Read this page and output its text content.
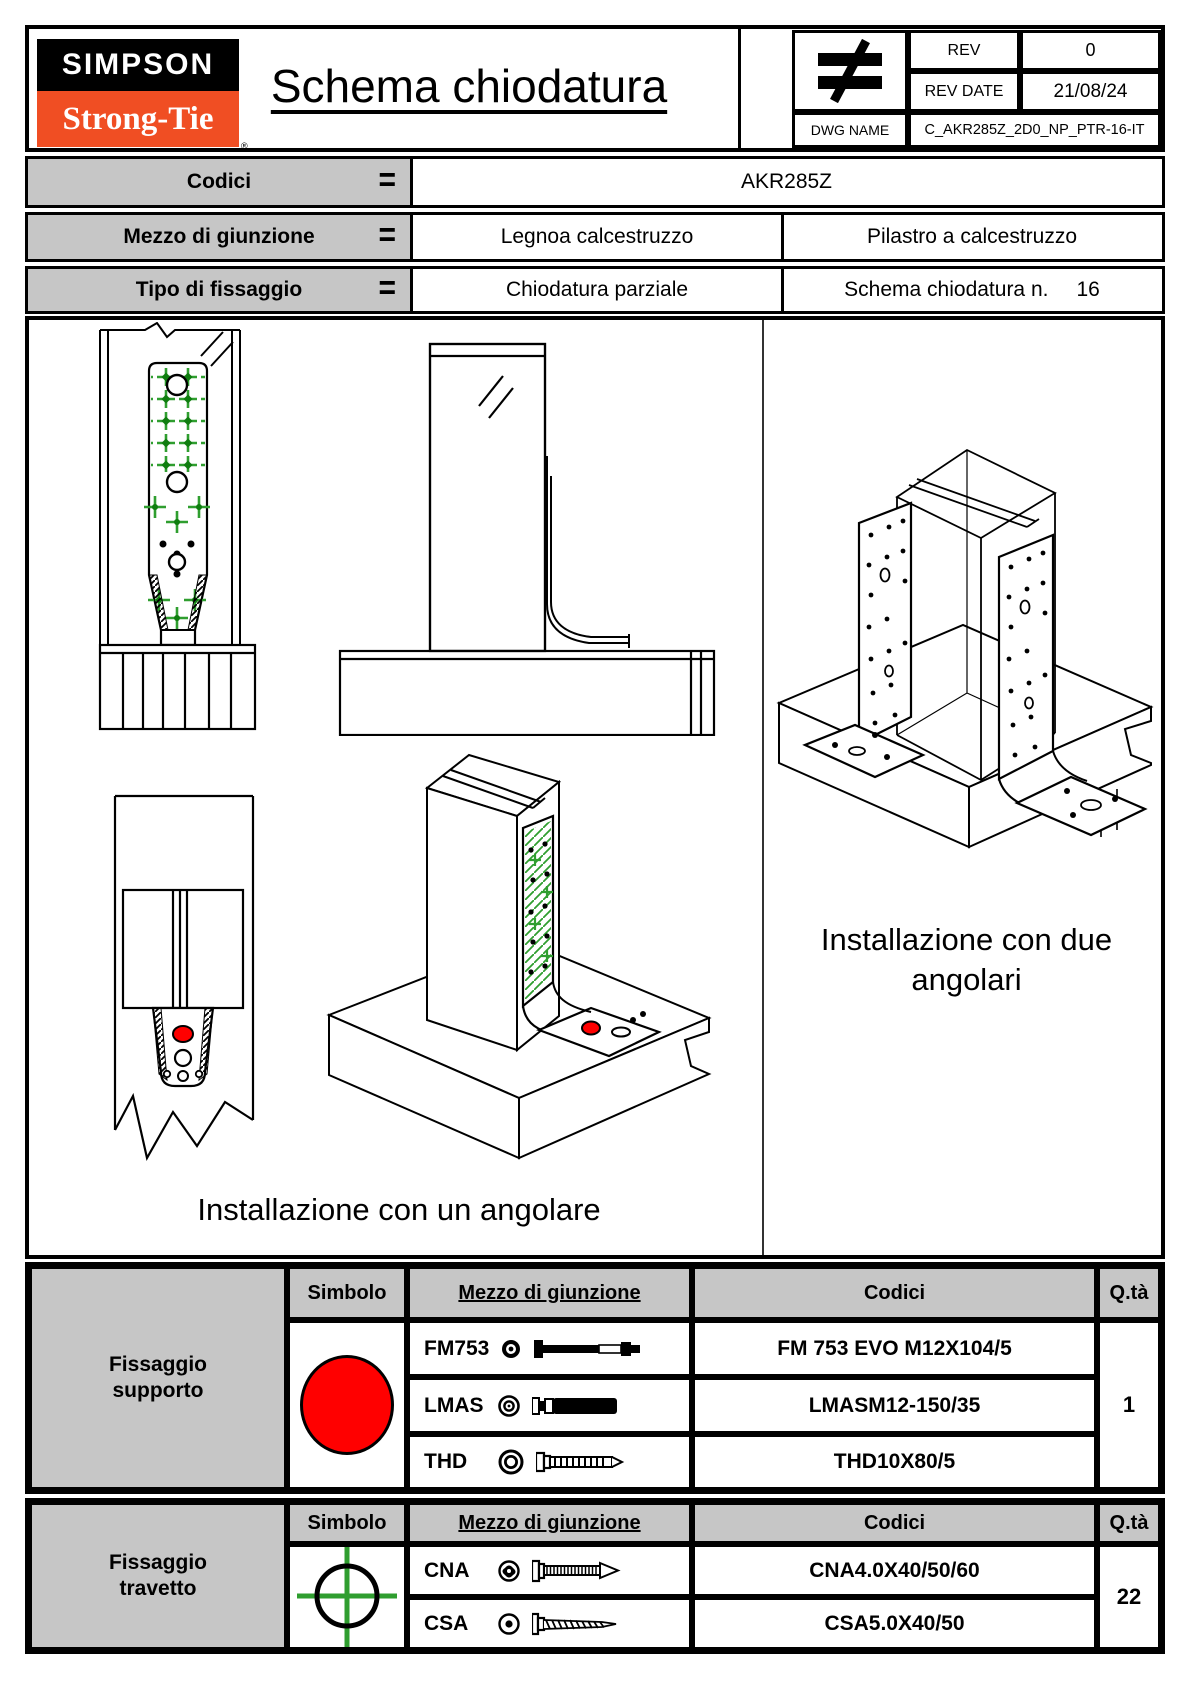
SIMPSON
Strong-Tie
®
Schema chiodatura
REV	0
REV DATE	21/08/24
DWG NAME	C_AKR285Z_2D0_NP_PTR-16-IT
Codici	=	AKR285Z
Mezzo di giunzione =	Legnoa calcestruzzo	Pilastro a calcestruzzo
Tipo di fissaggio	=	Chiodatura parziale	Schema chiodatura n. 16
Installazione con un angolare
Installazione con due
angolari
Fissaggio
supporto
Simbolo	Mezzo di giunzione	Codici	Q.tà
FM753	FM 753 EVO M12X104/5
LMAS	LMASM12-150/35
THD	THD10X80/5
1
Fissaggio
travetto
Simbolo	Mezzo di giunzione	Codici	Q.tà
CNA	CNA4.0X40/50/60
CSA	CSA5.0X40/50
22
